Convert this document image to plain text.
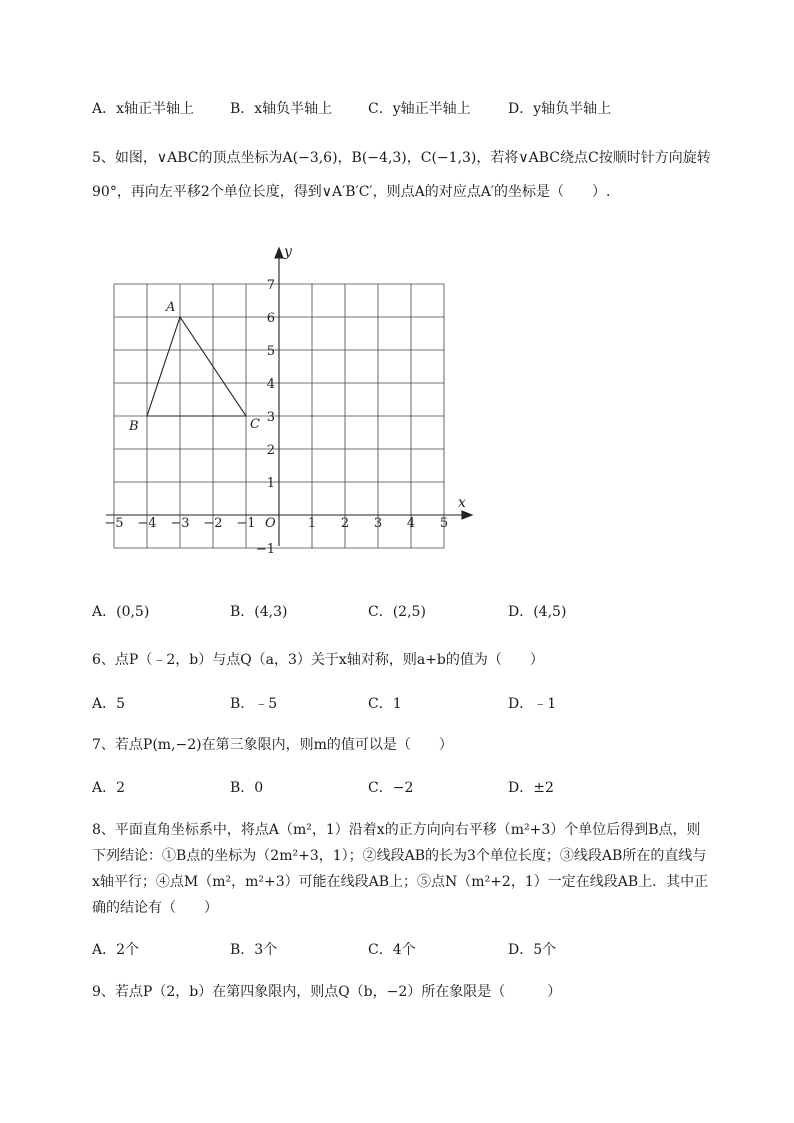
A．x轴正半轴上	B．x轴负半轴上	C．y轴正半轴上	D．y轴负半轴上
5、如图，∨ABC的顶点坐标为A(−3,6)，B(−4,3)，C(−1,3)，若将∨ABC绕点C按顺时针方向旋转
90°，再向左平移2个单位长度，得到∨A′B′C′，则点A的对应点A′的坐标是（　　）.
−5 −4 −3 −2 −1	1 2 3 4 5
7
6
5
4
3
2
1
−1
A
B	C
x
y
O
A．(0,5)	B．(4,3)	C．(2,5)	D．(4,5)
6、点P（﹣2，b）与点Q（a，3）关于x轴对称，则a+b的值为（　　）
A．5	B．﹣5	C．1	D．﹣1
7、若点P(m,−2)在第三象限内，则m的值可以是（　　）
A．2	B．0	C．−2	D．±2
8、平面直角坐标系中，将点A（m²，1）沿着x的正方向向右平移（m²+3）个单位后得到B点，则
下列结论：①B点的坐标为（2m²+3，1）；②线段AB的长为3个单位长度；③线段AB所在的直线与
x轴平行；④点M（m²，m²+3）可能在线段AB上；⑤点N（m²+2，1）一定在线段AB上．其中正
确的结论有（　　）
A．2个	B．3个	C．4个	D．5个
9、若点P（2，b）在第四象限内，则点Q（b，−2）所在象限是（　　　）
